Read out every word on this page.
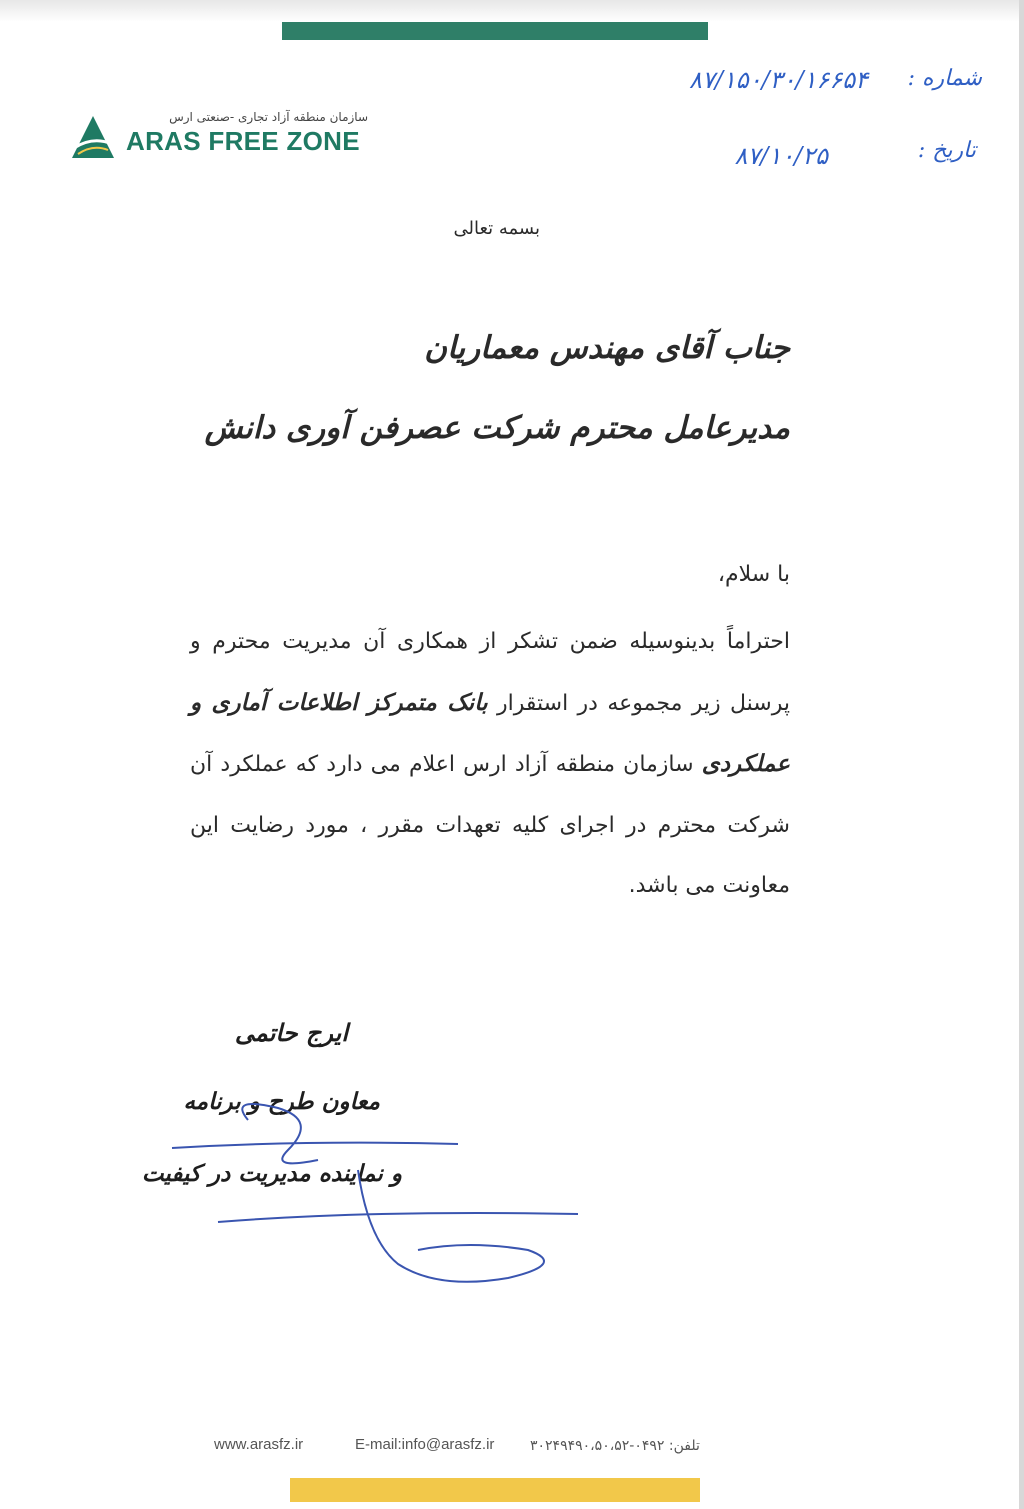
سازمان منطقه آزاد تجاری -صنعتی ارس
ARAS FREE ZONE
شماره :
۸۷/۱۵۰/۳۰/۱۶۶۵۴
تاریخ :
۸۷/۱۰/۲۵
بسمه تعالی
جناب آقای مهندس معماریان
مدیرعامل محترم شرکت عصرفن آوری دانش
با سلام،
احتراماً بدینوسیله ضمن تشکر از همکاری آن مدیریت محترم و پرسنل زیر مجموعه در استقرار بانک متمرکز اطلاعات آماری و عملکردی سازمان منطقه آزاد ارس اعلام می دارد که عملکرد آن شرکت محترم در اجرای کلیه تعهدات مقرر ، مورد رضایت این معاونت می باشد.
ایرج حاتمی
معاون طرح و برنامه
و نماینده مدیریت در کیفیت
www.arasfz.ir	E-mail:info@arasfz.ir	تلفن: ۰۴۹۲-۳۰۲۴۹۴۹۰،۵۰،۵۲
